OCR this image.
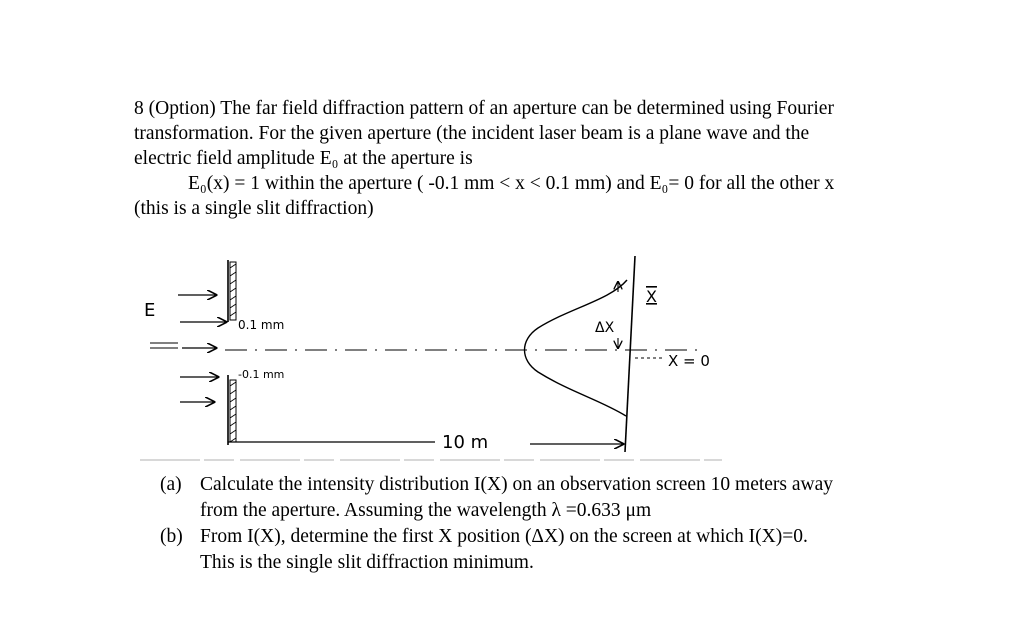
8 (Option) The far field diffraction pattern of an aperture can be determined using Fourier

transformation. For the given aperture (the incident laser beam is a plane wave and the

electric field amplitude E₀ at the aperture is

E₀(x) = 1 within the aperture ( -0.1 mm < x < 0.1 mm) and E₀= 0 for all the other x

(this is a single slit diffraction)

E
0.1 mm
-0.1 mm
10 m
ΔX
X
X = 0
(a) Calculate the intensity distribution I(X) on an observation screen 10 meters away
from the aperture. Assuming the wavelength λ =0.633 μm
(b) From I(X), determine the first X position (ΔX) on the screen at which I(X)=0.
This is the single slit diffraction minimum.
